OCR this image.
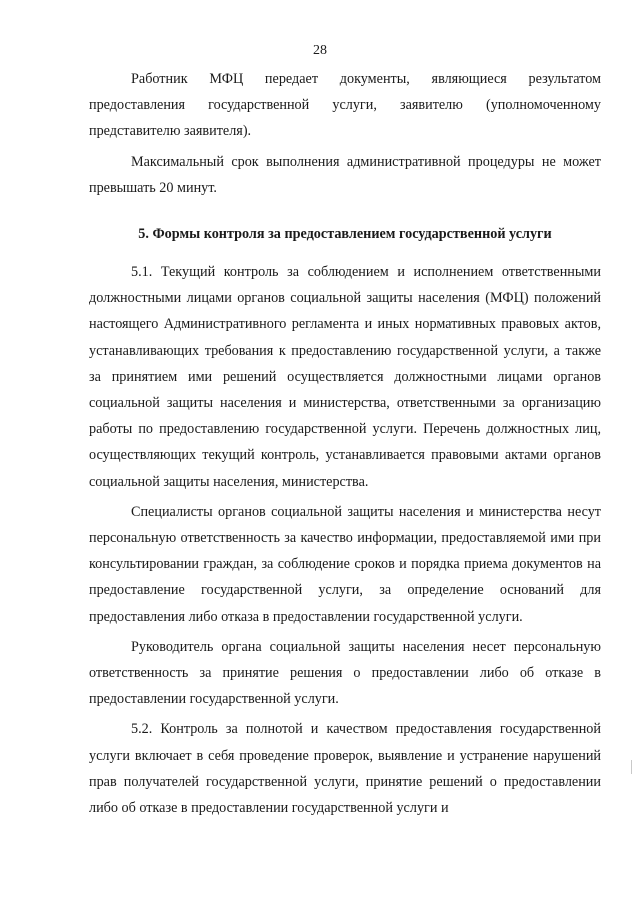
28

Работник МФЦ передает документы, являющиеся результатом предоставления государственной услуги, заявителю (уполномоченному представителю заявителя).

Максимальный срок выполнения административной процедуры не может превышать 20 минут.

5. Формы контроля за предоставлением государственной услуги

5.1. Текущий контроль за соблюдением и исполнением ответственными должностными лицами органов социальной защиты населения (МФЦ) положений настоящего Административного регламента и иных нормативных правовых актов, устанавливающих требования к предоставлению государственной услуги, а также за принятием ими решений осуществляется должностными лицами органов социальной защиты населения и министерства, ответственными за организацию работы по предоставлению государственной услуги. Перечень должностных лиц, осуществляющих текущий контроль, устанавливается правовыми актами органов социальной защиты населения, министерства.

Специалисты органов социальной защиты населения и министерства несут персональную ответственность за качество информации, предоставляемой ими при консультировании граждан, за соблюдение сроков и порядка приема документов на предоставление государственной услуги, за определение оснований для предоставления либо отказа в предоставлении государственной услуги.

Руководитель органа социальной защиты населения несет персональную ответственность за принятие решения о предоставлении либо об отказе в предоставлении государственной услуги.

5.2. Контроль за полнотой и качеством предоставления государственной услуги включает в себя проведение проверок, выявление и устранение нарушений прав получателей государственной услуги, принятие решений о предоставлении либо об отказе в предоставлении государственной услуги и
